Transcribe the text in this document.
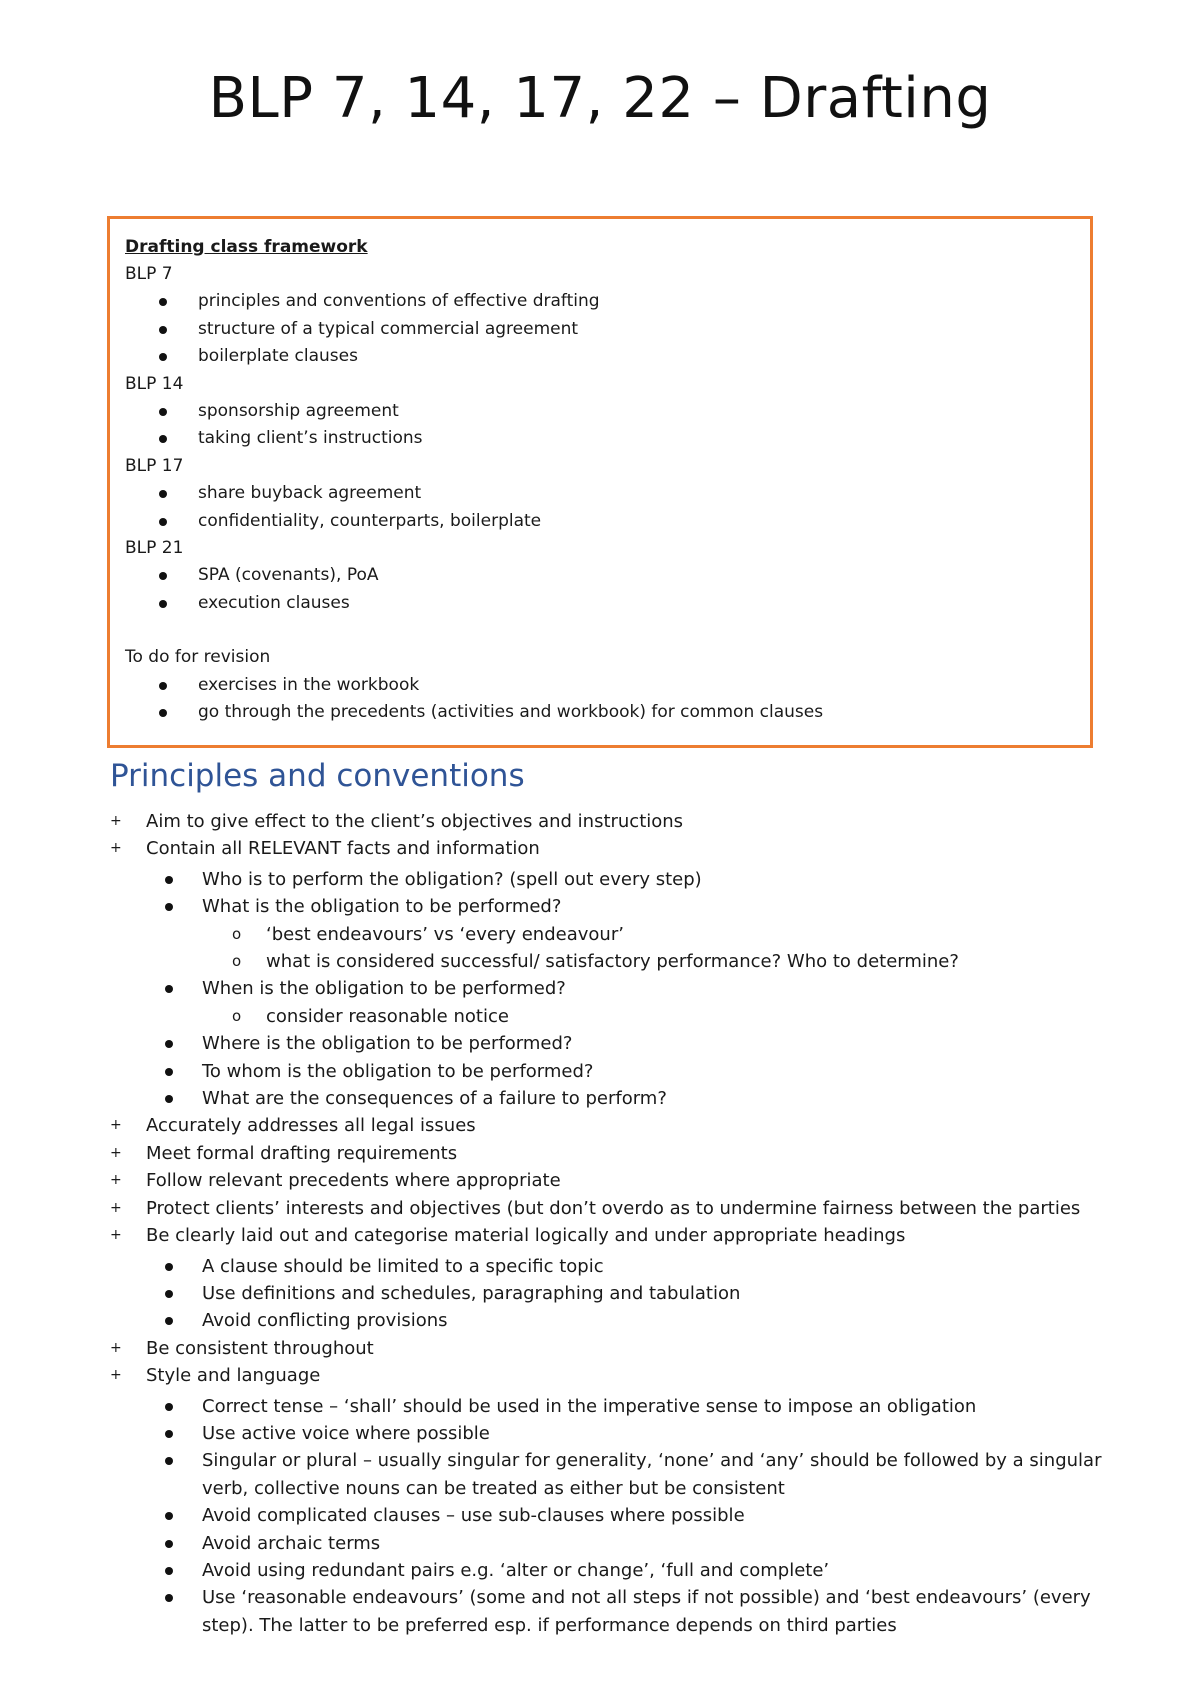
BLP 7, 14, 17, 22 – Drafting

Drafting class framework

BLP 7

principles and conventions of effective drafting
structure of a typical commercial agreement
boilerplate clauses

BLP 14

sponsorship agreement
taking client’s instructions

BLP 17

share buyback agreement
confidentiality, counterparts, boilerplate

BLP 21

SPA (covenants), PoA
execution clauses

To do for revision

exercises in the workbook
go through the precedents (activities and workbook) for common clauses
Principles and conventions
+ Aim to give effect to the client’s objectives and instructions
+ Contain all RELEVANT facts and information
Who is to perform the obligation? (spell out every step)
What is the obligation to be performed?
o ‘best endeavours’ vs ‘every endeavour’
o what is considered successful/ satisfactory performance? Who to determine?
When is the obligation to be performed?
o consider reasonable notice
Where is the obligation to be performed?
To whom is the obligation to be performed?
What are the consequences of a failure to perform?
+ Accurately addresses all legal issues
+ Meet formal drafting requirements
+ Follow relevant precedents where appropriate
+ Protect clients’ interests and objectives (but don’t overdo as to undermine fairness between the parties
+ Be clearly laid out and categorise material logically and under appropriate headings
A clause should be limited to a specific topic
Use definitions and schedules, paragraphing and tabulation
Avoid conflicting provisions
+ Be consistent throughout
+ Style and language
Correct tense – ‘shall’ should be used in the imperative sense to impose an obligation
Use active voice where possible
Singular or plural – usually singular for generality, ‘none’ and ‘any’ should be followed by a singular verb, collective nouns can be treated as either but be consistent
Avoid complicated clauses – use sub-clauses where possible
Avoid archaic terms
Avoid using redundant pairs e.g. ‘alter or change’, ‘full and complete’
Use ‘reasonable endeavours’ (some and not all steps if not possible) and ‘best endeavours’ (every step). The latter to be preferred esp. if performance depends on third parties
